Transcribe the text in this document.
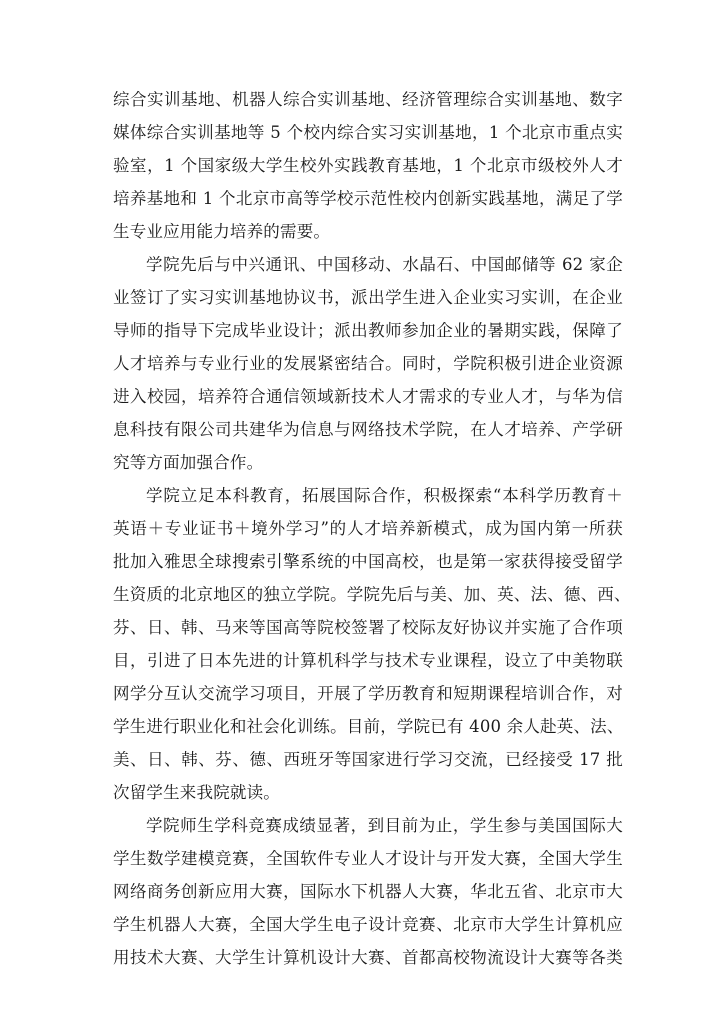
综合实训基地、机器人综合实训基地、经济管理综合实训基地、数字
媒体综合实训基地等 5 个校内综合实习实训基地，1 个北京市重点实
验室，1 个国家级大学生校外实践教育基地，1 个北京市级校外人才
培养基地和 1 个北京市高等学校示范性校内创新实践基地，满足了学
生专业应用能力培养的需要。
学院先后与中兴通讯、中国移动、水晶石、中国邮储等 62 家企
业签订了实习实训基地协议书，派出学生进入企业实习实训，在企业
导师的指导下完成毕业设计；派出教师参加企业的暑期实践，保障了
人才培养与专业行业的发展紧密结合。同时，学院积极引进企业资源
进入校园，培养符合通信领域新技术人才需求的专业人才，与华为信
息科技有限公司共建华为信息与网络技术学院，在人才培养、产学研
究等方面加强合作。
学院立足本科教育，拓展国际合作，积极探索“本科学历教育＋
英语＋专业证书＋境外学习”的人才培养新模式，成为国内第一所获
批加入雅思全球搜索引擎系统的中国高校，也是第一家获得接受留学
生资质的北京地区的独立学院。学院先后与美、加、英、法、德、西、
芬、日、韩、马来等国高等院校签署了校际友好协议并实施了合作项
目，引进了日本先进的计算机科学与技术专业课程，设立了中美物联
网学分互认交流学习项目，开展了学历教育和短期课程培训合作，对
学生进行职业化和社会化训练。目前，学院已有 400 余人赴英、法、
美、日、韩、芬、德、西班牙等国家进行学习交流，已经接受 17 批
次留学生来我院就读。
学院师生学科竞赛成绩显著，到目前为止，学生参与美国国际大
学生数学建模竞赛，全国软件专业人才设计与开发大赛，全国大学生
网络商务创新应用大赛，国际水下机器人大赛，华北五省、北京市大
学生机器人大赛，全国大学生电子设计竞赛、北京市大学生计算机应
用技术大赛、大学生计算机设计大赛、首都高校物流设计大赛等各类
